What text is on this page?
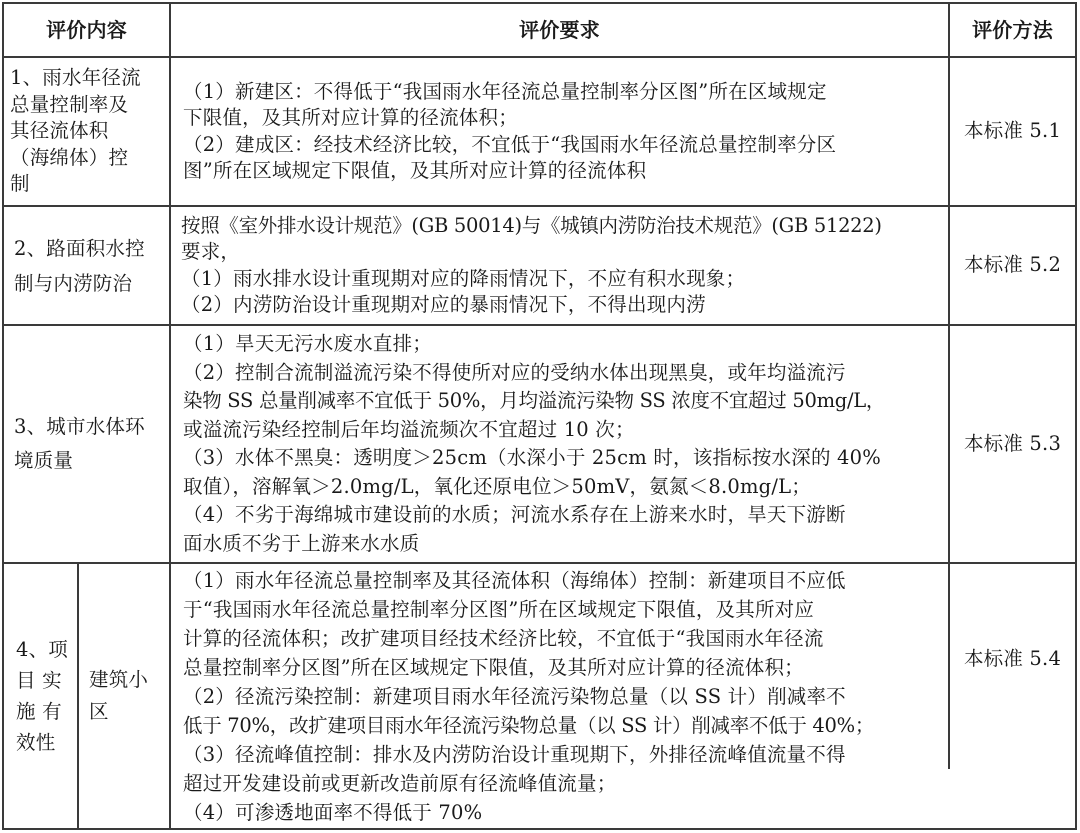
评价内容	评价要求	评价方法
1、雨水年径流
总量控制率及
其径流体积
（海绵体）控
制
（1）新建区：不得低于“我国雨水年径流总量控制率分区图”所在区域规定
下限值，及其所对应计算的径流体积；
（2）建成区：经技术经济比较，不宜低于“我国雨水年径流总量控制率分区
图”所在区域规定下限值，及其所对应计算的径流体积
本标准 5.1
2、路面积水控
制与内涝防治
按照《室外排水设计规范》(GB 50014)与《城镇内涝防治技术规范》(GB 51222)
要求，
（1）雨水排水设计重现期对应的降雨情况下，不应有积水现象；
（2）内涝防治设计重现期对应的暴雨情况下，不得出现内涝
本标准 5.2
3、城市水体环
境质量
（1）旱天无污水废水直排；
（2）控制合流制溢流污染不得使所对应的受纳水体出现黑臭，或年均溢流污
染物 SS 总量削减率不宜低于 50%，月均溢流污染物 SS 浓度不宜超过 50mg/L，
或溢流污染经控制后年均溢流频次不宜超过 10 次；
（3）水体不黑臭：透明度＞25cm（水深小于 25cm 时，该指标按水深的 40%
取值），溶解氧＞2.0mg/L，氧化还原电位＞50mV，氨氮＜8.0mg/L；
（4）不劣于海绵城市建设前的水质；河流水系存在上游来水时，旱天下游断
面水质不劣于上游来水水质
本标准 5.3
4、项
目 实
施 有
效性
建筑小
区
（1）雨水年径流总量控制率及其径流体积（海绵体）控制：新建项目不应低
于“我国雨水年径流总量控制率分区图”所在区域规定下限值，及其所对应
计算的径流体积；改扩建项目经技术经济比较，不宜低于“我国雨水年径流
总量控制率分区图”所在区域规定下限值，及其所对应计算的径流体积；
（2）径流污染控制：新建项目雨水年径流污染物总量（以 SS 计）削减率不
低于 70%，改扩建项目雨水年径流污染物总量（以 SS 计）削减率不低于 40%；
（3）径流峰值控制：排水及内涝防治设计重现期下，外排径流峰值流量不得
超过开发建设前或更新改造前原有径流峰值流量；
（4）可渗透地面率不得低于 70%
本标准 5.4
